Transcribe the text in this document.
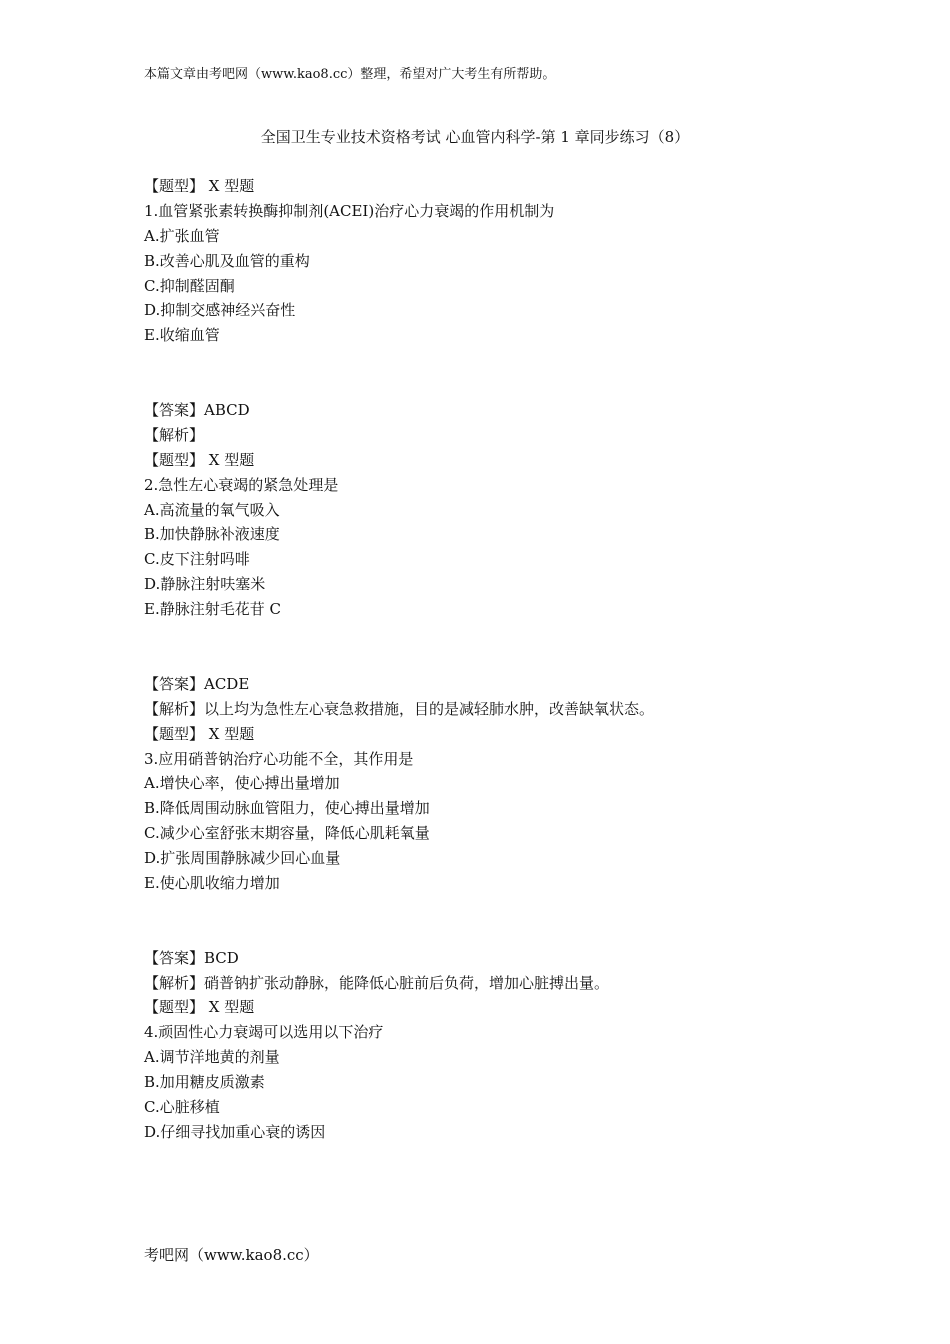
本篇文章由考吧网（www.kao8.cc）整理，希望对广大考生有所帮助。
全国卫生专业技术资格考试 心血管内科学-第 1 章同步练习（8）
【题型】 X 型题
1.血管紧张素转换酶抑制剂(ACEI)治疗心力衰竭的作用机制为
A.扩张血管
B.改善心肌及血管的重构
C.抑制醛固酮
D.抑制交感神经兴奋性
E.收缩血管
【答案】ABCD
【解析】
【题型】 X 型题
2.急性左心衰竭的紧急处理是
A.高流量的氧气吸入
B.加快静脉补液速度
C.皮下注射吗啡
D.静脉注射呋塞米
E.静脉注射毛花苷 C
【答案】ACDE
【解析】以上均为急性左心衰急救措施，目的是减轻肺水肿，改善缺氧状态。
【题型】 X 型题
3.应用硝普钠治疗心功能不全，其作用是
A.增快心率，使心搏出量增加
B.降低周围动脉血管阻力，使心搏出量增加
C.减少心室舒张末期容量，降低心肌耗氧量
D.扩张周围静脉减少回心血量
E.使心肌收缩力增加
【答案】BCD
【解析】硝普钠扩张动静脉，能降低心脏前后负荷，增加心脏搏出量。
【题型】 X 型题
4.顽固性心力衰竭可以选用以下治疗
A.调节洋地黄的剂量
B.加用糖皮质激素
C.心脏移植
D.仔细寻找加重心衰的诱因
考吧网（www.kao8.cc）
